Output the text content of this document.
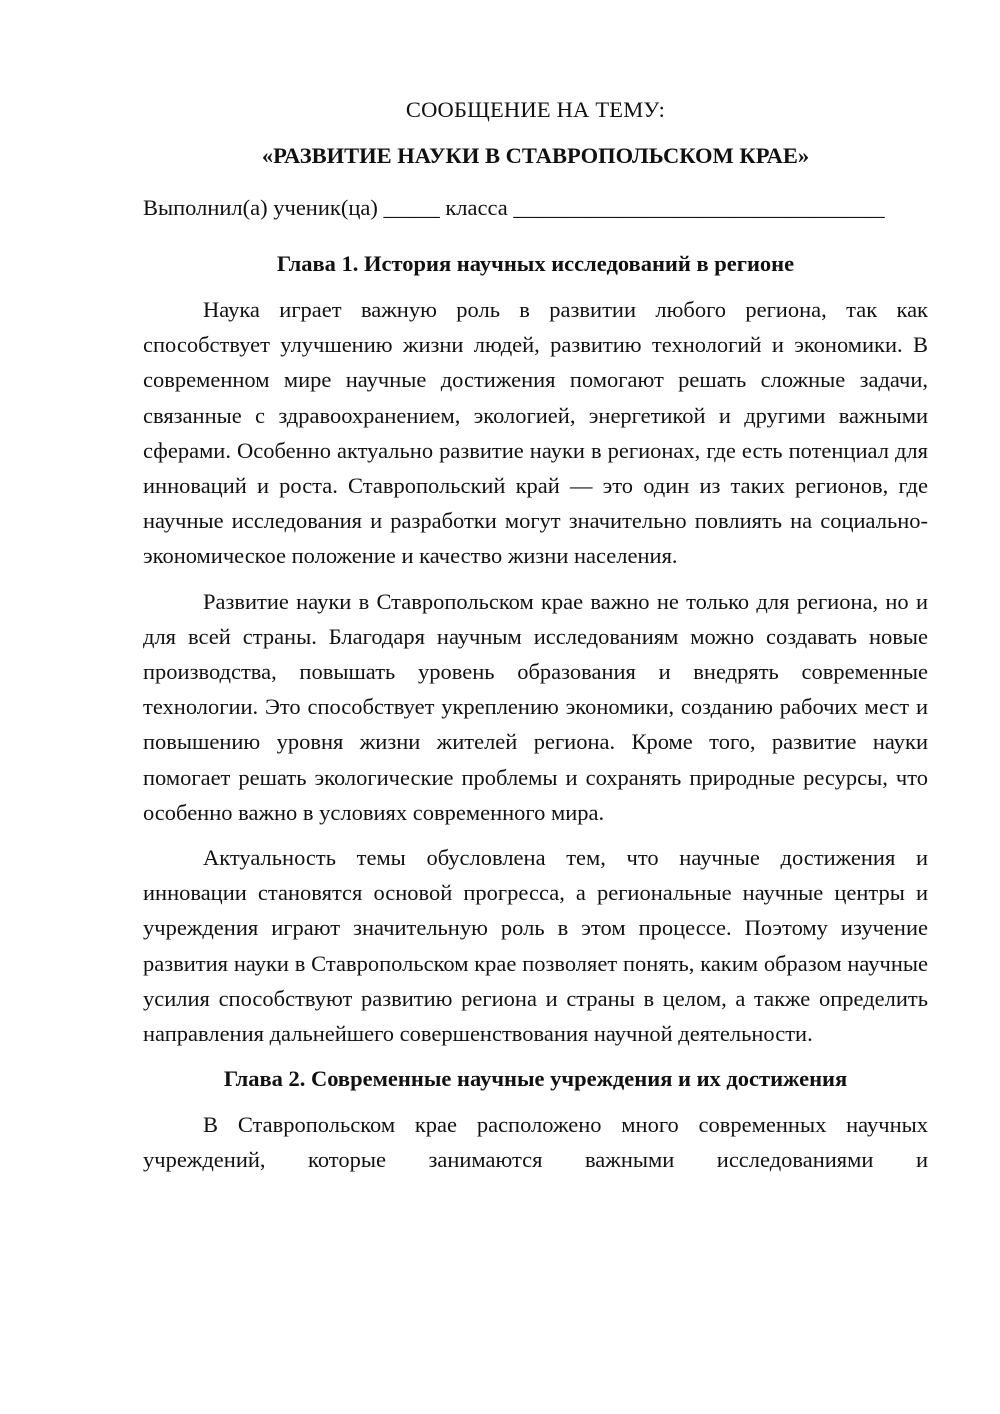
СООБЩЕНИЕ НА ТЕМУ:
«РАЗВИТИЕ НАУКИ В СТАВРОПОЛЬСКОМ КРАЕ»
Выполнил(а) ученик(ца) _____ класса _________________________________
Глава 1. История научных исследований в регионе

Наука играет важную роль в развитии любого региона, так как способствует улучшению жизни людей, развитию технологий и экономики. В современном мире научные достижения помогают решать сложные задачи, связанные с здравоохранением, экологией, энергетикой и другими важными сферами. Особенно актуально развитие науки в регионах, где есть потенциал для инноваций и роста. Ставропольский край — это один из таких регионов, где научные исследования и разработки могут значительно повлиять на социально-экономическое положение и качество жизни населения.

Развитие науки в Ставропольском крае важно не только для региона, но и для всей страны. Благодаря научным исследованиям можно создавать новые производства, повышать уровень образования и внедрять современные технологии. Это способствует укреплению экономики, созданию рабочих мест и повышению уровня жизни жителей региона. Кроме того, развитие науки помогает решать экологические проблемы и сохранять природные ресурсы, что особенно важно в условиях современного мира.

Актуальность темы обусловлена тем, что научные достижения и инновации становятся основой прогресса, а региональные научные центры и учреждения играют значительную роль в этом процессе. Поэтому изучение развития науки в Ставропольском крае позволяет понять, каким образом научные усилия способствуют развитию региона и страны в целом, а также определить направления дальнейшего совершенствования научной деятельности.

Глава 2. Современные научные учреждения и их достижения

В Ставропольском крае расположено много современных научных учреждений, которые занимаются важными исследованиями и
